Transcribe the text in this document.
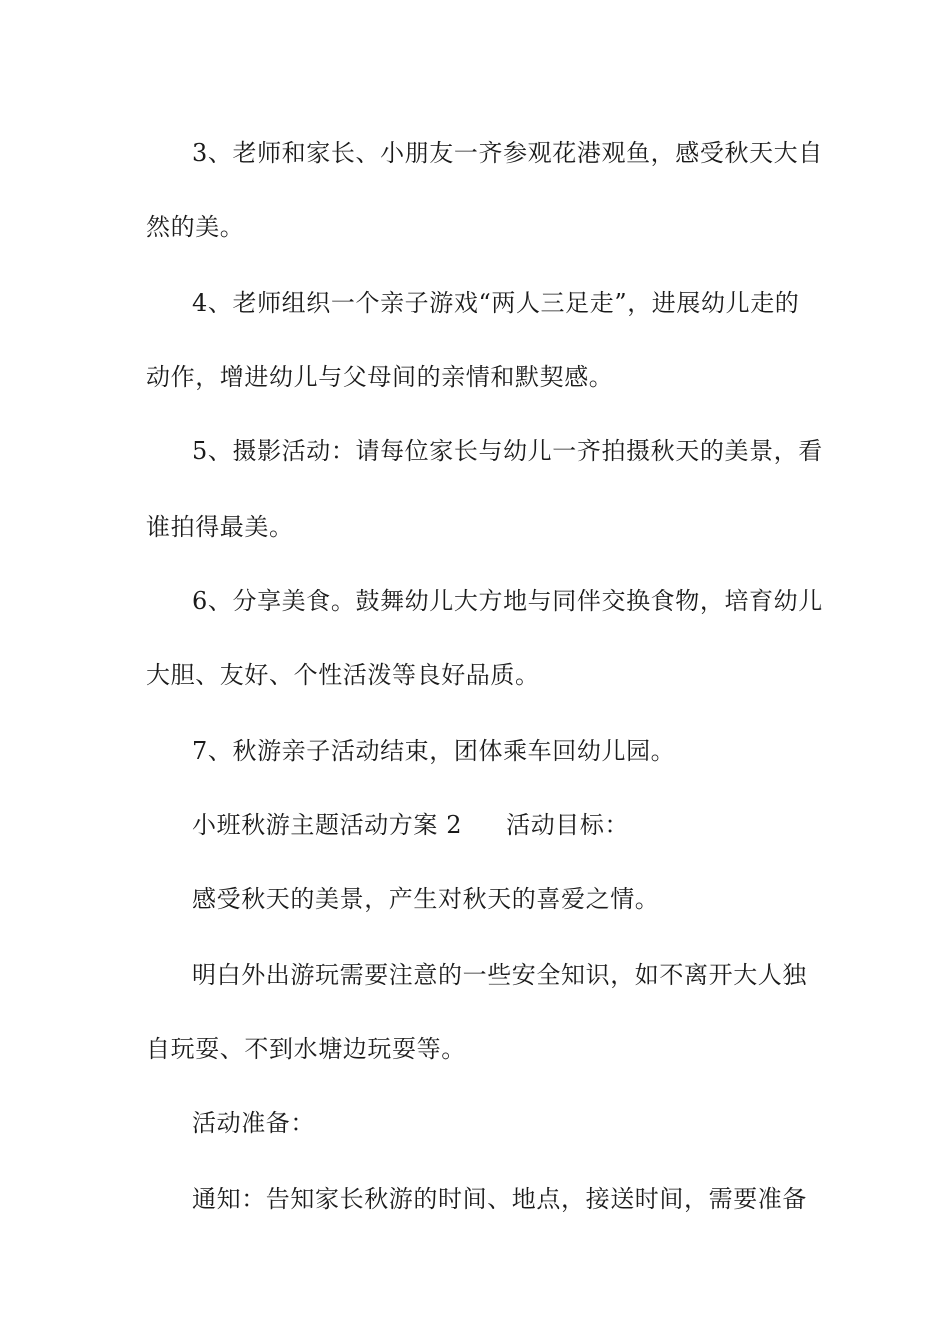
3、老师和家长、小朋友一齐参观花港观鱼，感受秋天大自
然的美。
4、老师组织一个亲子游戏“两人三足走”，进展幼儿走的
动作，增进幼儿与父母间的亲情和默契感。
5、摄影活动：请每位家长与幼儿一齐拍摄秋天的美景，看
谁拍得最美。
6、分享美食。鼓舞幼儿大方地与同伴交换食物，培育幼儿
大胆、友好、个性活泼等良好品质。
7、秋游亲子活动结束，团体乘车回幼儿园。
小班秋游主题活动方案 2 活动目标：
感受秋天的美景，产生对秋天的喜爱之情。
明白外出游玩需要注意的一些安全知识，如不离开大人独
自玩耍、不到水塘边玩耍等。
活动准备：
通知：告知家长秋游的时间、地点，接送时间，需要准备
